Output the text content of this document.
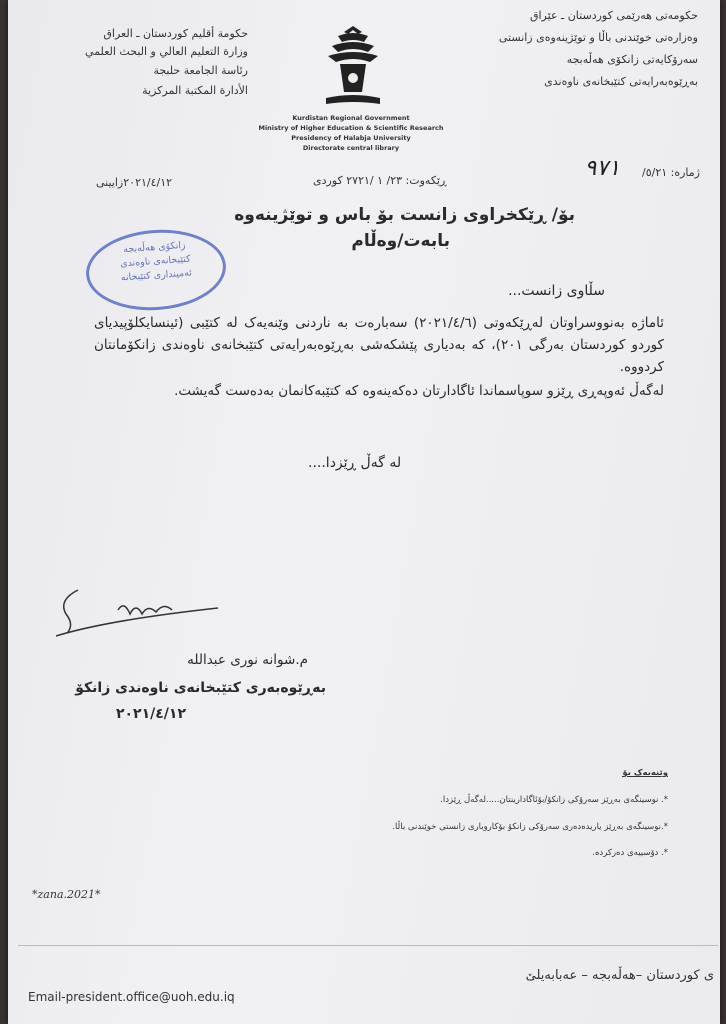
حكومة أقليم كوردستان ـ العراق
وزارة التعليم العالي و البحث العلمي
رئاسة الجامعة حلبجة
الأدارة المكتبة المركزية
حکومەتی هەرێمی کوردستان ـ عێراق
وەزارەتی خوێندنی باڵا و توێژینەوەی زانستی
سەرۆکایەتی زانکۆی هەڵەبجە
بەڕێوەبەرایەتی کتێبخانەی ناوەندی
Kurdistan Regional Government
Ministry of Higher Education & Scientific Research
Presidency of Halabja University
Directorate central library
ژمارە: ٥/٢١/
٩٧١
ڕێکەوت: ٢٣/ ١ /٢٧٢١ کوردی
٢٠٢١/٤/١٢زایینی
زانکۆی هەڵەبجە
کتێبخانەی ناوەندی
ئەمینداری کتێبخانە
بۆ/ ڕێکخراوی زانست بۆ باس و توێژینەوە
بابەت/وەڵام
سڵاوی زانست...
ئاماژە بەنووسراوتان لەڕێکەوتی (٢٠٢١/٤/٦) سەبارەت بە ناردنی وێنەیەک لە کتێبی (ئینسایکلۆپیدیای کوردو کوردستان بەرگی ٢٠١)، کە بەدیاری پێشکەشی بەڕێوەبەرایەتی کتێبخانەی ناوەندی زانکۆمانتان کردووە.
لەگەڵ ئەوپەڕی ڕێزو سوپاسماندا ئاگادارتان دەکەینەوە کە کتێبەکانمان بەدەست گەیشت.
لە گەڵ ڕێزدا....
م.شوانە نوری عبداللە
بەڕێوەبەری کتێبخانەی ناوەندی زانکۆ
٢٠٢١/٤/١٢
وێنەیەک بۆ
*. نوسینگەی بەڕێز سەرۆکی زانکۆ/بۆئاگادارینتان.....لەگەڵ ڕێزدا.
*.نوسینگەی بەڕێز یاریدەدەری سەرۆکی زانکۆ بۆکاروباری زانستی خوێندنی باڵا.
*. دۆسییەی دەرکردە.
*zana.2021*
ی کوردستان –هەڵەبجە – عەبابەیلێ
Email-president.office@uoh.edu.iq
